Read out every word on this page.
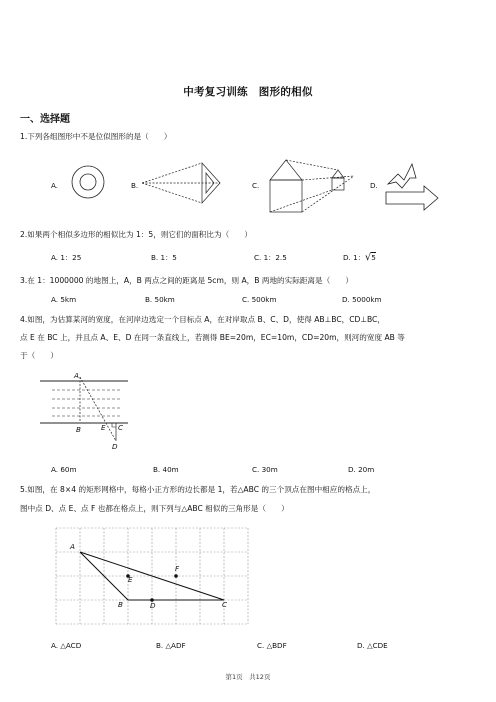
中考复习训练　图形的相似
一、选择题
1.下列各组图形中不是位似图形的是（　　）
A.	B.	C.	D.
2.如果两个相似多边形的相似比为 1：5，则它们的面积比为（　　）
A. 1：25	B. 1：5	C. 1：2.5	D. 1：√5
3.在 1：1000000 的地图上，A，B 两点之间的距离是 5cm，则 A，B 两地的实际距离是（　　）
A. 5km	B. 50km	C. 500km	D. 5000km
4.如图，为估算某河的宽度，在河岸边选定一个目标点 A，在对岸取点 B、C、D，使得 AB⊥BC，CD⊥BC，
点 E 在 BC 上，并且点 A、E、D 在同一条直线上，若测得 BE=20m，EC=10m，CD=20m，则河的宽度 AB 等
于（　　）
A
B	E C
D
A. 60m	B. 40m	C. 30m	D. 20m
5.如图，在 8×4 的矩形网格中，每格小正方形的边长都是 1，若△ABC 的三个顶点在图中相应的格点上，
图中点 D、点 E、点 F 也都在格点上，则下列与△ABC 相似的三角形是（　　）
A
B	C
D
E
F
A. △ACD	B. △ADF	C. △BDF	D. △CDE
第1页　共12页
